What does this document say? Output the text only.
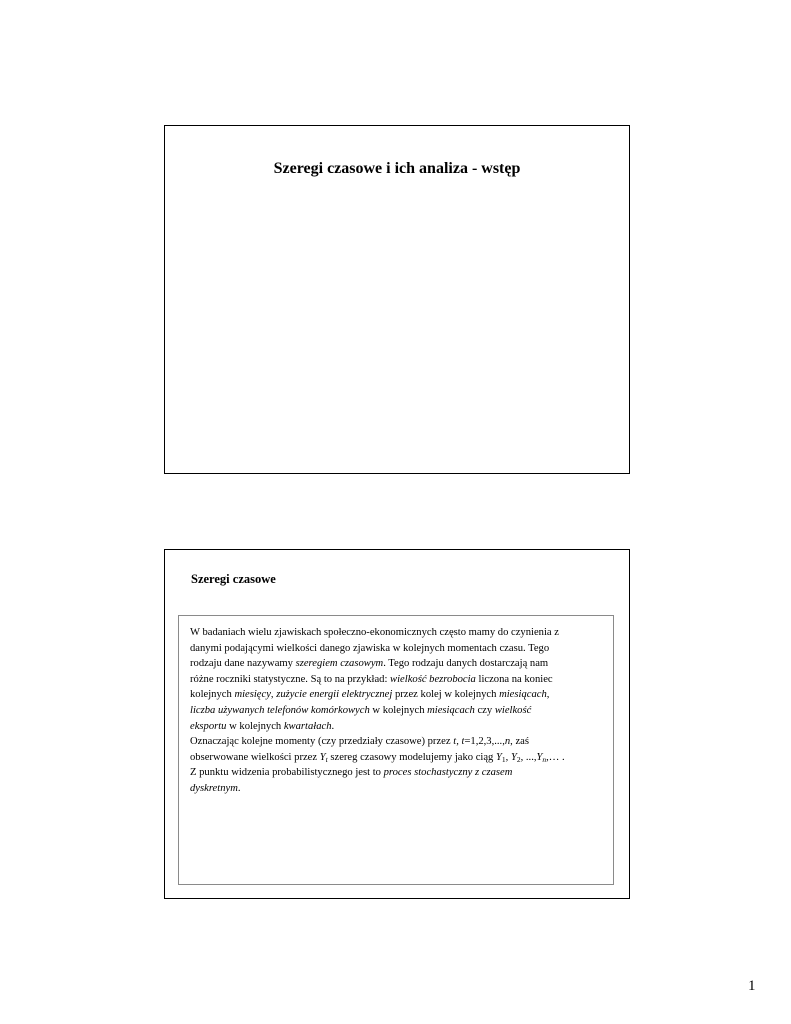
Szeregi czasowe i ich analiza - wstęp
Szeregi czasowe

W badaniach wielu zjawiskach społeczno-ekonomicznych często mamy do czynienia z
danymi podającymi wielkości danego zjawiska w kolejnych momentach czasu. Tego
rodzaju dane nazywamy szeregiem czasowym. Tego rodzaju danych dostarczają nam
różne roczniki statystyczne. Są to na przykład: wielkość bezrobocia liczona na koniec
kolejnych miesięcy, zużycie energii elektrycznej przez kolej w kolejnych miesiącach,
liczba używanych telefonów komórkowych w kolejnych miesiącach czy wielkość
eksportu w kolejnych kwartałach.

Oznaczając kolejne momenty (czy przedziały czasowe) przez t, t=1,2,3,...,n, zaś
obserwowane wielkości przez $Y_t$ szereg czasowy modelujemy jako ciąg $Y_1$, $Y_2$, $...,Y_n,\dots$ .
Z punktu widzenia probabilistycznego jest to proces stochastyczny z czasem
dyskretnym.

1
